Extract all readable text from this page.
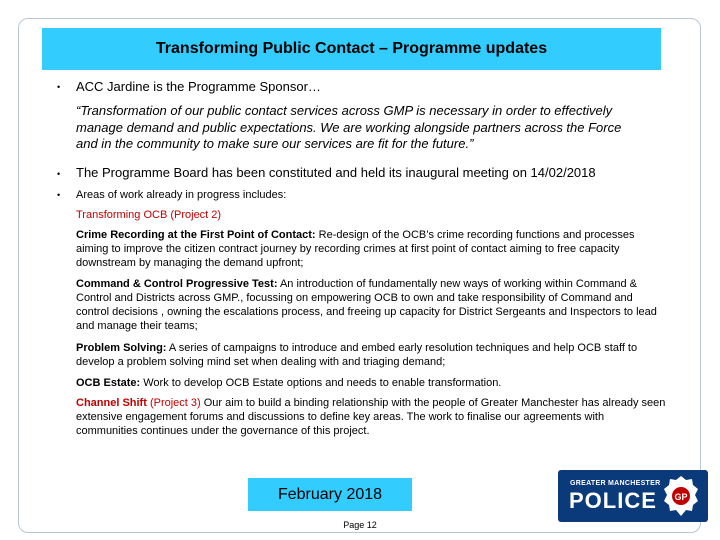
Transforming Public Contact – Programme updates
• ACC Jardine is the Programme Sponsor…
“Transformation of our public contact services across GMP is necessary in order to effectively manage demand and public expectations. We are working alongside partners across the Force and in the community to make sure our services are fit for the future.”
• The Programme Board has been constituted and held its inaugural meeting on 14/02/2018
• Areas of work already in progress includes:
Transforming OCB (Project 2)
Crime Recording at the First Point of Contact: Re-design of the OCB’s crime recording functions and processes aiming to improve the citizen contract journey by recording crimes at first point of contact aiming to free capacity downstream by managing the demand upfront;
Command & Control Progressive Test: An introduction of fundamentally new ways of working within Command & Control and Districts across GMP., focussing on empowering OCB to own and take responsibility of Command and control decisions , owning the escalations process, and freeing up capacity for District Sergeants and Inspectors to lead and manage their teams;
Problem Solving: A series of campaigns to introduce and embed early resolution techniques and help OCB staff to develop a problem solving mind set when dealing with and triaging demand;
OCB Estate: Work to develop OCB Estate options and needs to enable transformation.
Channel Shift (Project 3) Our aim to build a binding relationship with the people of Greater Manchester has already seen extensive engagement forums and discussions to define key areas. The work to finalise our agreements with communities continues under the governance of this project.
February 2018
Page 12
GREATER MANCHESTER
POLICE GP
